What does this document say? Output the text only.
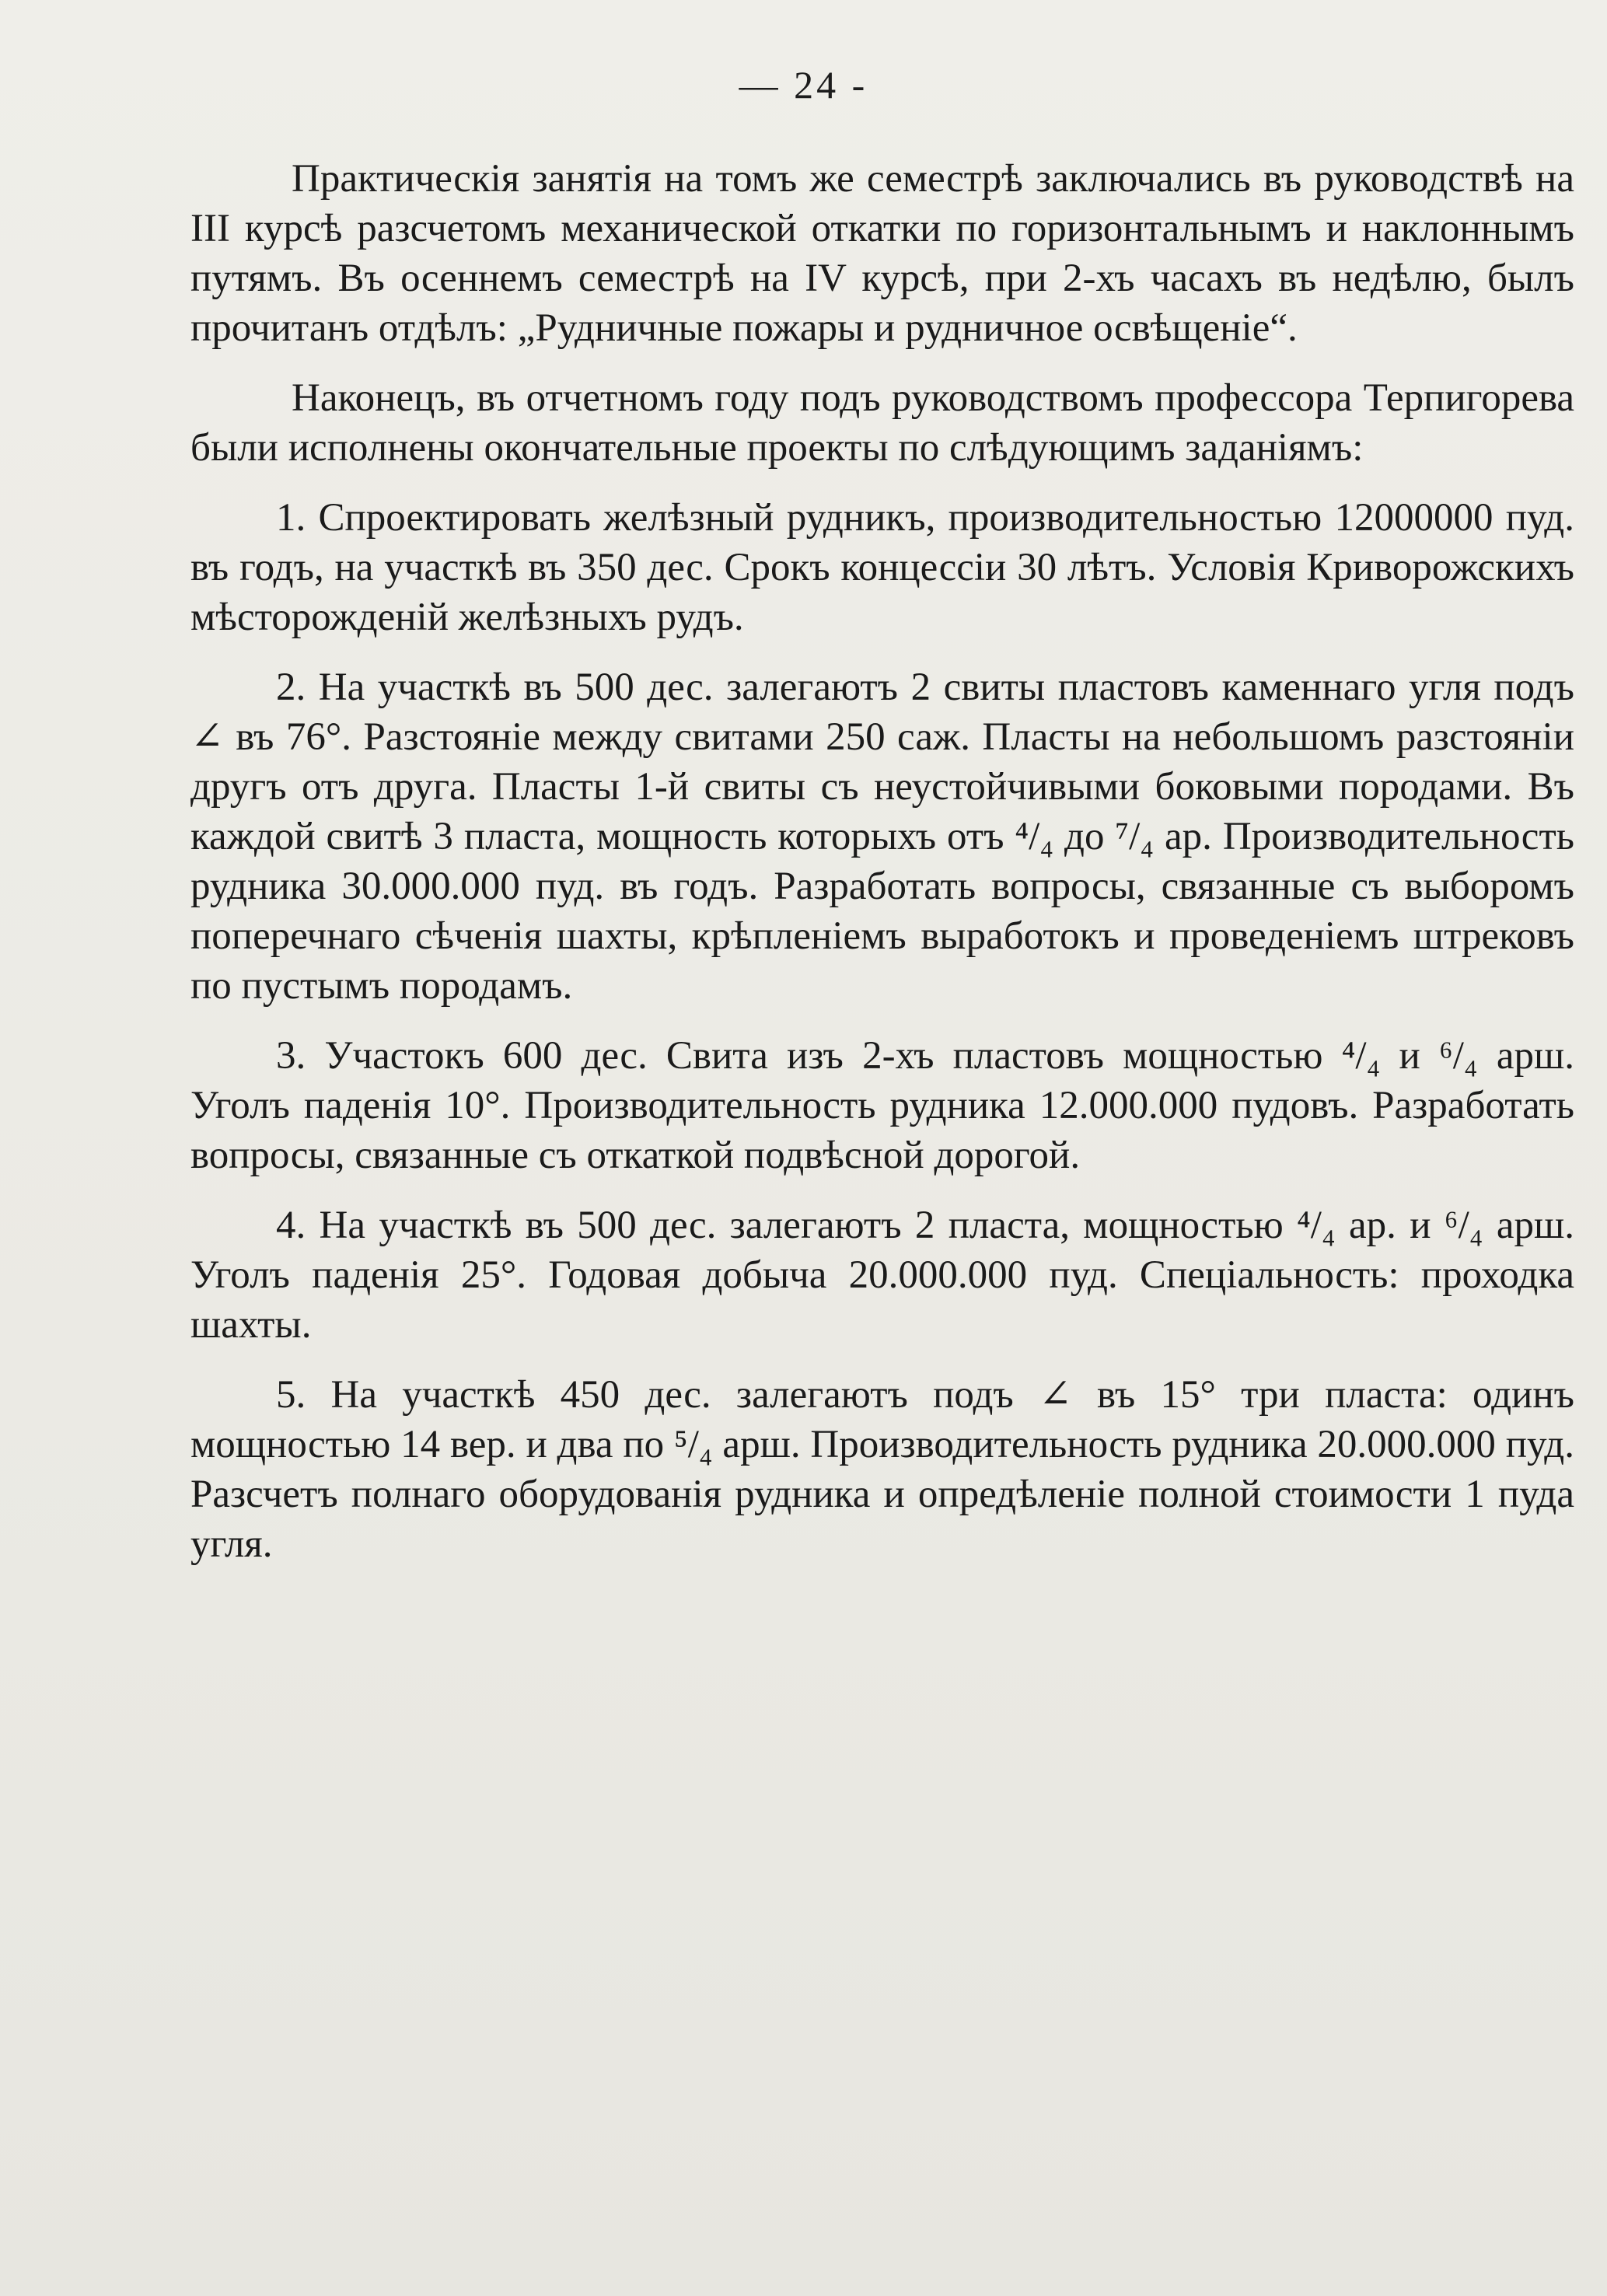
— 24 -

Практическія занятія на томъ же семестрѣ заключались въ руководствѣ на III курсѣ разсчетомъ механической откатки по горизонтальнымъ и наклоннымъ путямъ. Въ осеннемъ семестрѣ на IV курсѣ, при 2-хъ часахъ въ недѣлю, былъ прочитанъ отдѣлъ: „Рудничные пожары и рудничное освѣщеніе“.

Наконецъ, въ отчетномъ году подъ руководствомъ профессора Терпигорева были исполнены окончательные проекты по слѣдующимъ заданіямъ:

1. Спроектировать желѣзный рудникъ, производительностью 12000000 пуд. въ годъ, на участкѣ въ 350 дес. Срокъ концессіи 30 лѣтъ. Условія Криворожскихъ мѣсторожденій желѣзныхъ рудъ.

2. На участкѣ въ 500 дес. залегаютъ 2 свиты пластовъ каменнаго угля подъ ∠ въ 76°. Разстояніе между свитами 250 саж. Пласты на небольшомъ разстояніи другъ отъ друга. Пласты 1-й свиты съ неустойчивыми боковыми породами. Въ каждой свитѣ 3 пласта, мощность которыхъ отъ ⁴/₄ до ⁷/₄ ар. Производительность рудника 30.000.000 пуд. въ годъ. Разработать вопросы, связанные съ выборомъ поперечнаго сѣченія шахты, крѣпленіемъ выработокъ и проведеніемъ штрековъ по пустымъ породамъ.

3. Участокъ 600 дес. Свита изъ 2-хъ пластовъ мощностью ⁴/₄ и ⁶/₄ арш. Уголъ паденія 10°. Производительность рудника 12.000.000 пудовъ. Разработать вопросы, связанные съ откаткой подвѣсной дорогой.

4. На участкѣ въ 500 дес. залегаютъ 2 пласта, мощностью ⁴/₄ ар. и ⁶/₄ арш. Уголъ паденія 25°. Годовая добыча 20.000.000 пуд. Спеціальность: проходка шахты.

5. На участкѣ 450 дес. залегаютъ подъ ∠ въ 15° три пласта: одинъ мощностью 14 вер. и два по ⁵/₄ арш. Производительность рудника 20.000.000 пуд. Разсчетъ полнаго оборудованія рудника и опредѣленіе полной стоимости 1 пуда угля.
